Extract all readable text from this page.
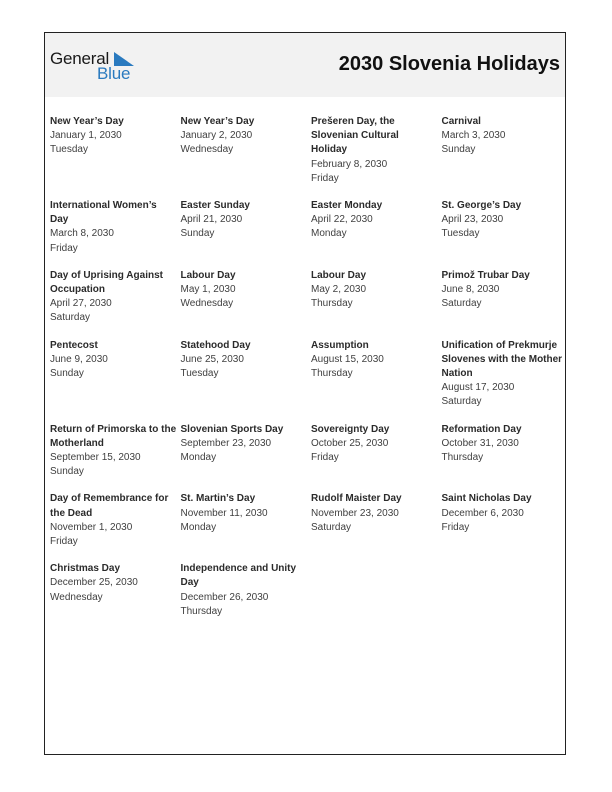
General
Blue	2030 Slovenia Holidays
New Year’s Day
January 1, 2030
Tuesday
New Year’s Day
January 2, 2030
Wednesday
Prešeren Day, the Slovenian Cultural Holiday
February 8, 2030
Friday
Carnival
March 3, 2030
Sunday
International Women’s Day
March 8, 2030
Friday
Easter Sunday
April 21, 2030
Sunday
Easter Monday
April 22, 2030
Monday
St. George’s Day
April 23, 2030
Tuesday
Day of Uprising Against Occupation
April 27, 2030
Saturday
Labour Day
May 1, 2030
Wednesday
Labour Day
May 2, 2030
Thursday
Primož Trubar Day
June 8, 2030
Saturday
Pentecost
June 9, 2030
Sunday
Statehood Day
June 25, 2030
Tuesday
Assumption
August 15, 2030
Thursday
Unification of Prekmurje Slovenes with the Mother Nation
August 17, 2030
Saturday
Return of Primorska to the Motherland
September 15, 2030
Sunday
Slovenian Sports Day
September 23, 2030
Monday
Sovereignty Day
October 25, 2030
Friday
Reformation Day
October 31, 2030
Thursday
Day of Remembrance for the Dead
November 1, 2030
Friday
St. Martin’s Day
November 11, 2030
Monday
Rudolf Maister Day
November 23, 2030
Saturday
Saint Nicholas Day
December 6, 2030
Friday
Christmas Day
December 25, 2030
Wednesday
Independence and Unity Day
December 26, 2030
Thursday
